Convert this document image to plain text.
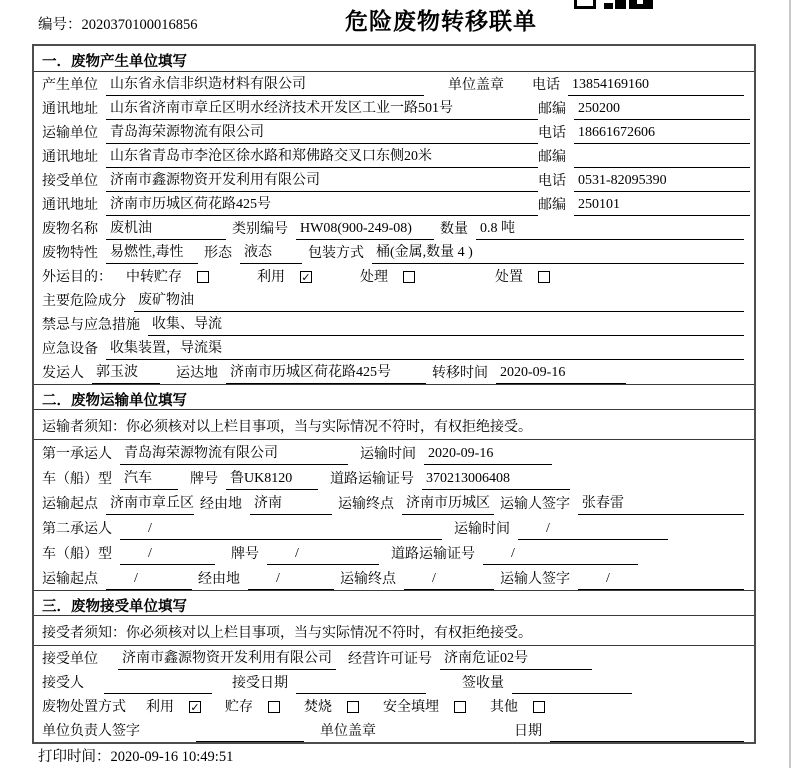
编号：2020370100016856	危险废物转移联单
一．废物产生单位填写
产生单位 山东省永信非织造材料有限公司	单位盖章 电话 13854169160
通讯地址 山东省济南市章丘区明水经济技术开发区工业一路501号	邮编 250200
运输单位 青岛海荣源物流有限公司	电话 18661672606
通讯地址 山东省青岛市李沧区徐水路和郑佛路交叉口东侧20米	邮编
接受单位 济南市鑫源物资开发利用有限公司	电话 0531-82095390
通讯地址 济南市历城区荷花路425号	邮编 250101
废物名称 废机油	类别编号 HW08(900-249-08)	数量 0.8 吨
废物特性 易燃性,毒性	形态 液态	包装方式 桶(金属,数量 4 )
外运目的： 中转贮存	利用 ✓	处理	处置
主要危险成分 废矿物油
禁忌与应急措施 收集、导流
应急设备 收集装置，导流渠
发运人 郭玉波	运达地 济南市历城区荷花路425号	转移时间 2020-09-16
二．废物运输单位填写
运输者须知：你必须核对以上栏目事项，当与实际情况不符时，有权拒绝接受。
第一承运人 青岛海荣源物流有限公司	运输时间 2020-09-16
车（船）型 汽车	牌号 鲁UK8120	道路运输证号 370213006408
运输起点 济南市章丘区 经由地 济南	运输终点 济南市历城区 运输人签字 张春雷
第二承运人	/	运输时间	/
车（船）型	/	牌号	/	道路运输证号	/
运输起点	/	经由地	/	运输终点	/	运输人签字	/
三．废物接受单位填写
接受者须知：你必须核对以上栏目事项，当与实际情况不符时，有权拒绝接受。
接受单位 济南市鑫源物资开发利用有限公司 经营许可证号 济南危证02号
接受人	接受日期	签收量
废物处置方式 利用 ✓ 贮存	焚烧	安全填埋	其他
单位负责人签字	单位盖章	日期
打印时间：2020-09-16 10:49:51
